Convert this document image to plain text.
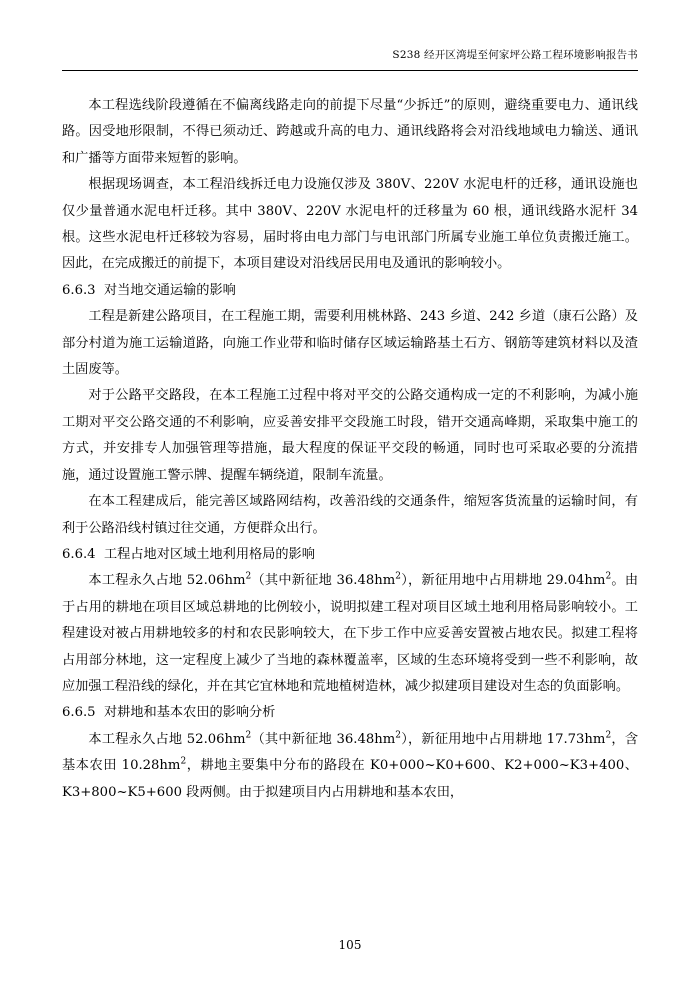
S238 经开区湾堤至何家坪公路工程环境影响报告书

本工程选线阶段遵循在不偏离线路走向的前提下尽量“少拆迁”的原则，避绕重要电力、通讯线路。因受地形限制，不得已须动迁、跨越或升高的电力、通讯线路将会对沿线地域电力输送、通讯和广播等方面带来短暂的影响。

根据现场调查，本工程沿线拆迁电力设施仅涉及 380V、220V 水泥电杆的迁移，通讯设施也仅少量普通水泥电杆迁移。其中 380V、220V 水泥电杆的迁移量为 60 根，通讯线路水泥杆 34 根。这些水泥电杆迁移较为容易，届时将由电力部门与电讯部门所属专业施工单位负责搬迁施工。因此，在完成搬迁的前提下，本项目建设对沿线居民用电及通讯的影响较小。

6.6.3  对当地交通运输的影响

工程是新建公路项目，在工程施工期，需要利用桃林路、243 乡道、242 乡道（康石公路）及部分村道为施工运输道路，向施工作业带和临时储存区域运输路基土石方、钢筋等建筑材料以及渣土固废等。

对于公路平交路段，在本工程施工过程中将对平交的公路交通构成一定的不利影响，为减小施工期对平交公路交通的不利影响，应妥善安排平交段施工时段，错开交通高峰期，采取集中施工的方式，并安排专人加强管理等措施，最大程度的保证平交段的畅通，同时也可采取必要的分流措施，通过设置施工警示牌、提醒车辆绕道，限制车流量。

在本工程建成后，能完善区域路网结构，改善沿线的交通条件，缩短客货流量的运输时间，有利于公路沿线村镇过往交通，方便群众出行。

6.6.4  工程占地对区域土地利用格局的影响

本工程永久占地 $52.06hm^2$（其中新征地 $36.48hm^2$），新征用地中占用耕地 $29.04hm^2$。由于占用的耕地在项目区域总耕地的比例较小，说明拟建工程对项目区域土地利用格局影响较小。工程建设对被占用耕地较多的村和农民影响较大，在下步工作中应妥善安置被占地农民。拟建工程将占用部分林地，这一定程度上减少了当地的森林覆盖率，区域的生态环境将受到一些不利影响，故应加强工程沿线的绿化，并在其它宜林地和荒地植树造林，减少拟建项目建设对生态的负面影响。

6.6.5  对耕地和基本农田的影响分析

本工程永久占地 $52.06hm^2$（其中新征地 $36.48hm^2$），新征用地中占用耕地 $17.73hm^2$，含基本农田 $10.28hm^2$，耕地主要集中分布的路段在 K0+000~K0+600、K2+000~K3+400、K3+800~K5+600 段两侧。由于拟建项目内占用耕地和基本农田，

105
